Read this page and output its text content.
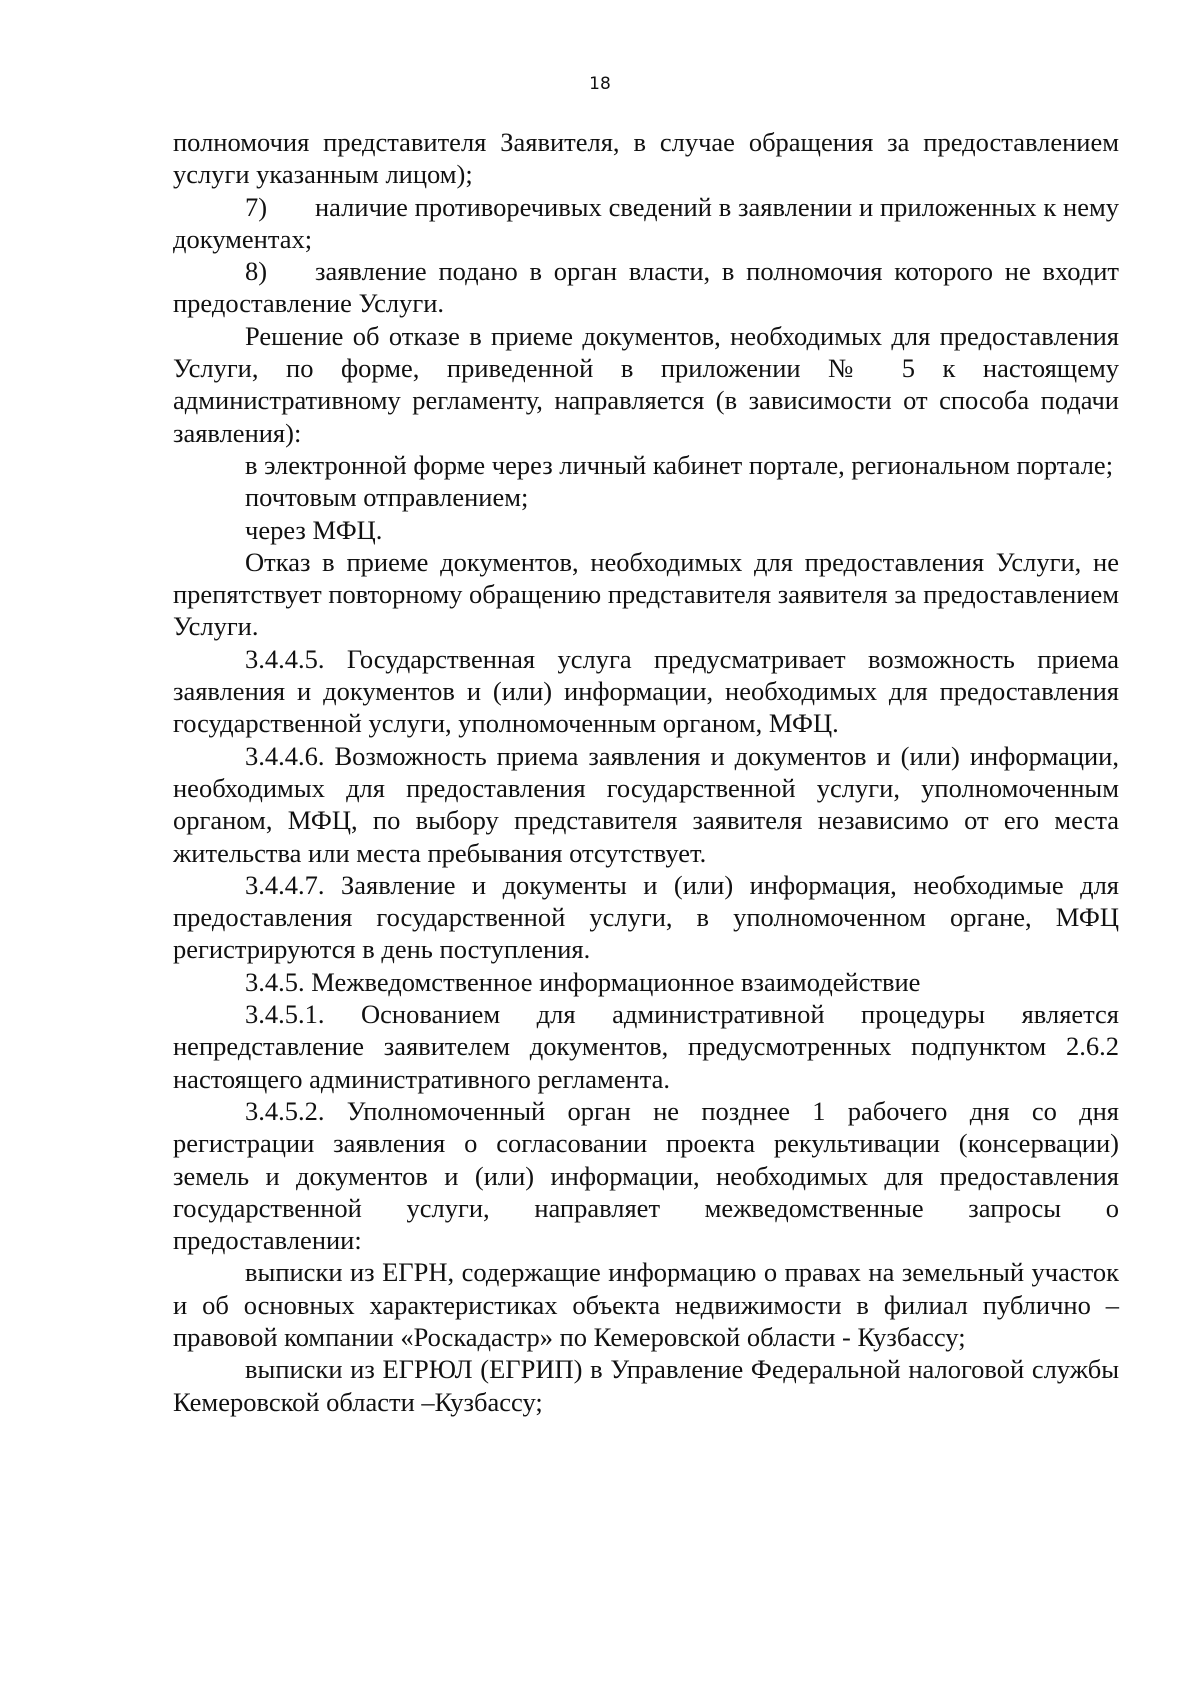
18

полномочия представителя Заявителя, в случае обращения за предоставлением услуги указанным лицом);

7) наличие противоречивых сведений в заявлении и приложенных к нему документах;

8) заявление подано в орган власти, в полномочия которого не входит предоставление Услуги.

Решение об отказе в приеме документов, необходимых для предоставления Услуги, по форме, приведенной в приложении № 5 к настоящему административному регламенту, направляется (в зависимости от способа подачи заявления):

в электронной форме через личный кабинет портале, региональном портале;

почтовым отправлением;

через МФЦ.

Отказ в приеме документов, необходимых для предоставления Услуги, не препятствует повторному обращению представителя заявителя за предоставлением Услуги.

3.4.4.5. Государственная услуга предусматривает возможность приема заявления и документов и (или) информации, необходимых для предоставления государственной услуги, уполномоченным органом, МФЦ.

3.4.4.6. Возможность приема заявления и документов и (или) информации, необходимых для предоставления государственной услуги, уполномоченным органом, МФЦ, по выбору представителя заявителя независимо от его места жительства или места пребывания отсутствует.

3.4.4.7. Заявление и документы и (или) информация, необходимые для предоставления государственной услуги, в уполномоченном органе, МФЦ регистрируются в день поступления.

3.4.5. Межведомственное информационное взаимодействие

3.4.5.1. Основанием для административной процедуры является непредставление заявителем документов, предусмотренных подпунктом 2.6.2 настоящего административного регламента.

3.4.5.2. Уполномоченный орган не позднее 1 рабочего дня со дня регистрации заявления о согласовании проекта рекультивации (консервации) земель и документов и (или) информации, необходимых для предоставления государственной услуги, направляет межведомственные запросы о предоставлении:

выписки из ЕГРН, содержащие информацию о правах на земельный участок и об основных характеристиках объекта недвижимости в филиал публично – правовой компании «Роскадастр» по Кемеровской области - Кузбассу;

выписки из ЕГРЮЛ (ЕГРИП) в Управление Федеральной налоговой службы Кемеровской области –Кузбассу;
